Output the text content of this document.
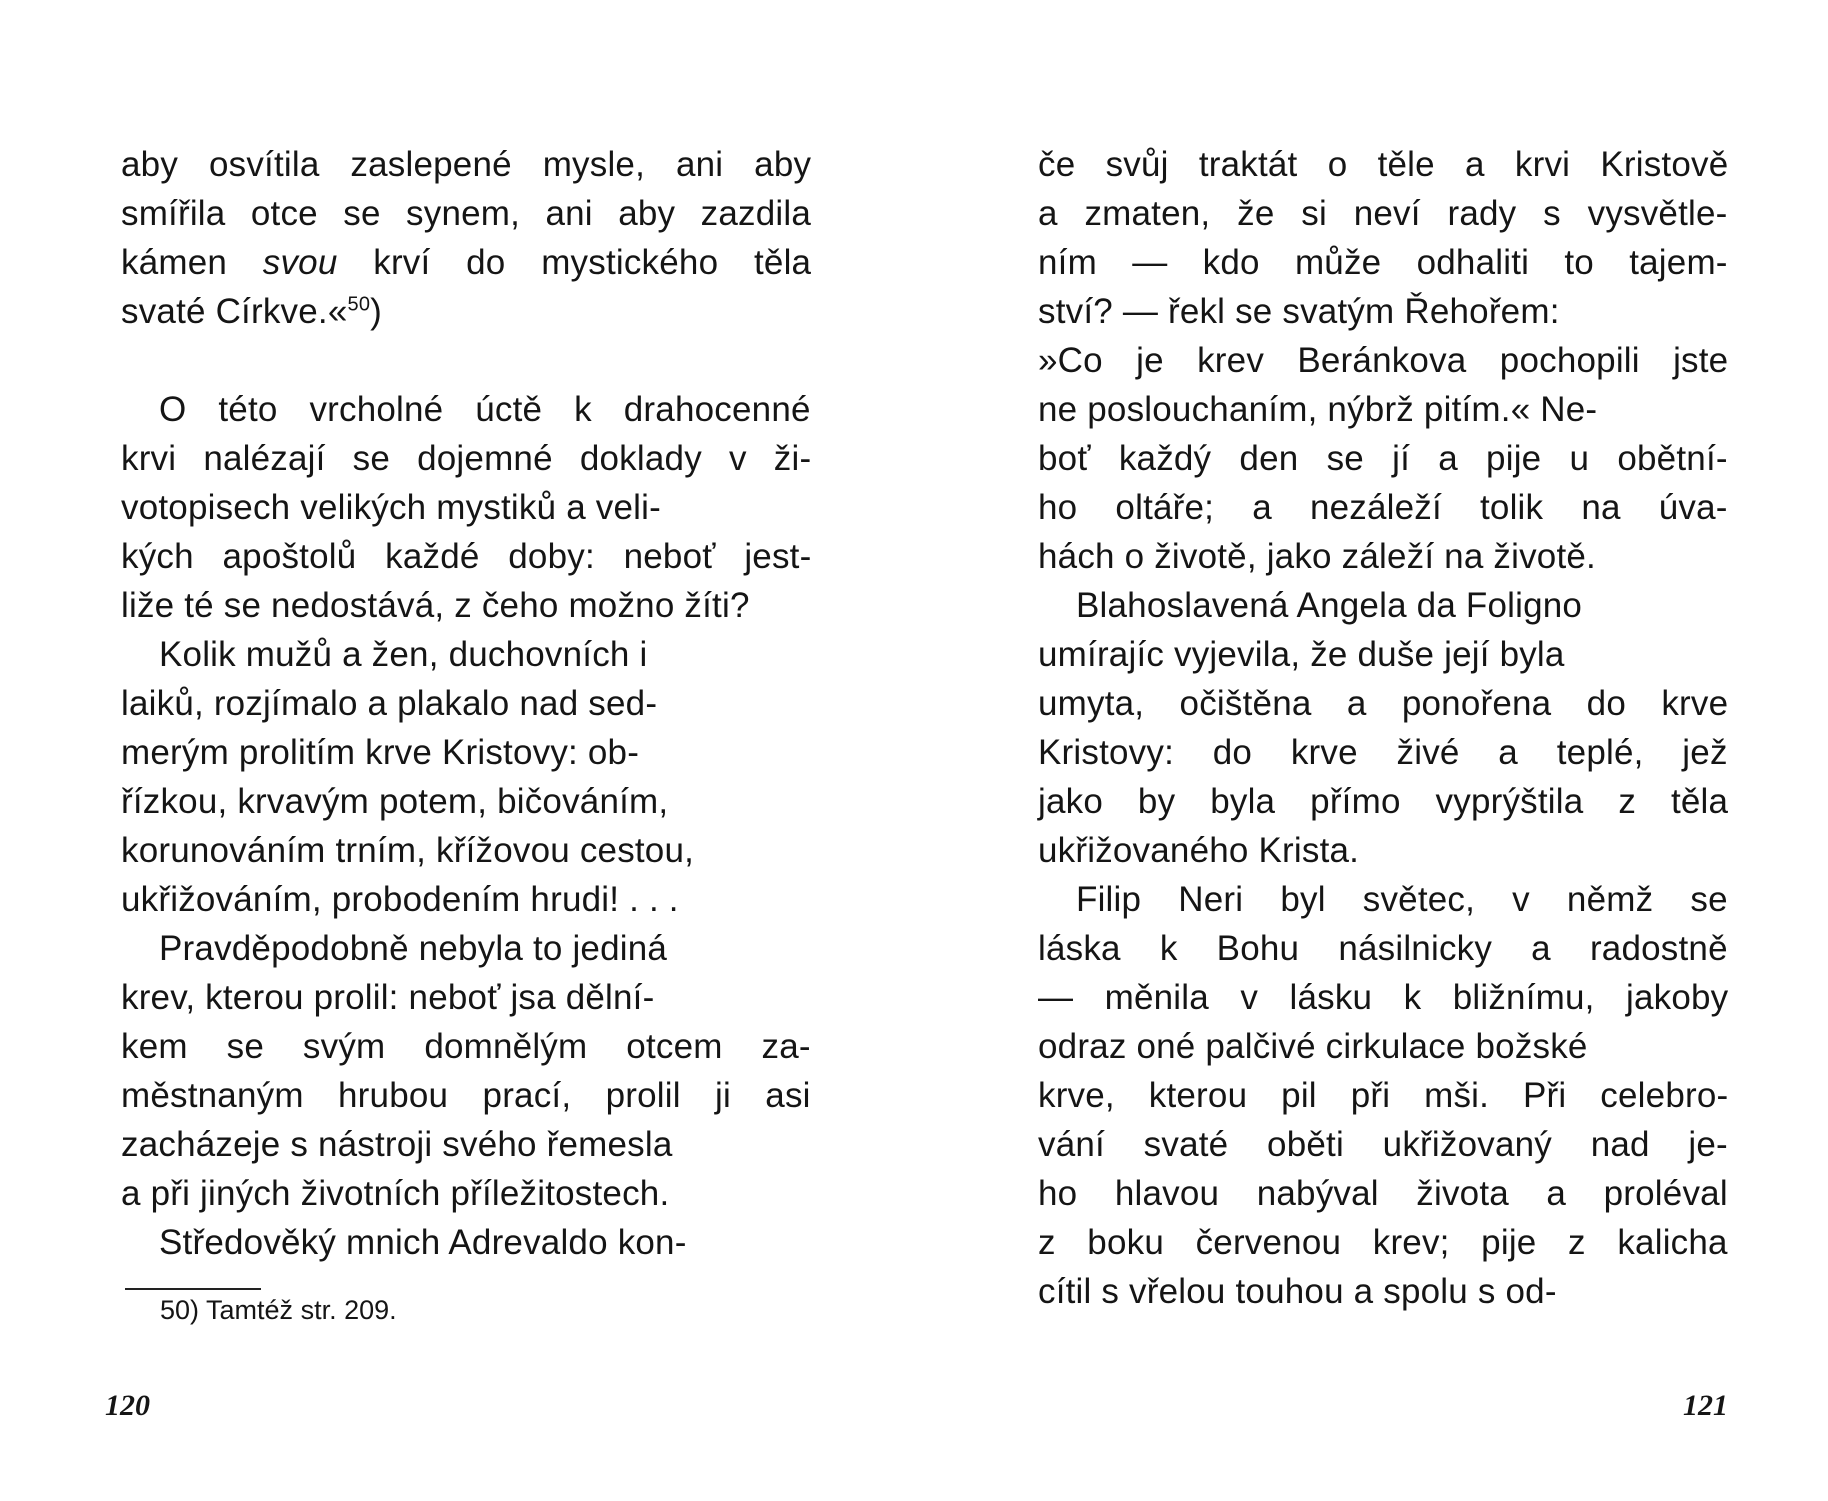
aby osvítila zaslepené mysle, ani aby
smířila otce se synem, ani aby zazdila
kámen svou krví do mystického těla
svaté Církve.«$^{50}$)
O této vrcholné úctě k drahocenné
krvi nalézají se dojemné doklady v ži-
votopisech velikých mystiků a veli-
kých apoštolů každé doby: neboť jest-
liže té se nedostává, z čeho možno žíti?
Kolik mužů a žen, duchovních i
laiků, rozjímalo a plakalo nad sed-
merým prolitím krve Kristovy: ob-
řízkou, krvavým potem, bičováním,
korunováním trním, křížovou cestou,
ukřižováním, probodením hrudi! . . .
Pravděpodobně nebyla to jediná
krev, kterou prolil: neboť jsa dělní-
kem se svým domnělým otcem za-
městnaným hrubou prací, prolil ji asi
zacházeje s nástroji svého řemesla
a při jiných životních příležitostech.
Středověký mnich Adrevaldo kon-
50) Tamtéž str. 209.
120
če svůj traktát o těle a krvi Kristově
a zmaten, že si neví rady s vysvětle-
ním — kdo může odhaliti to tajem-
ství? — řekl se svatým Řehořem:
»Co je krev Beránkova pochopili jste
ne poslouchaním, nýbrž pitím.« Ne-
boť každý den se jí a pije u obětní-
ho oltáře; a nezáleží tolik na úva-
hách o životě, jako záleží na životě.
Blahoslavená Angela da Foligno
umírajíc vyjevila, že duše její byla
umyta, očištěna a ponořena do krve
Kristovy: do krve živé a teplé, jež
jako by byla přímo vyprýštila z těla
ukřižovaného Krista.
Filip Neri byl světec, v němž se
láska k Bohu násilnicky a radostně
— měnila v lásku k bližnímu, jakoby
odraz oné palčivé cirkulace božské
krve, kterou pil při mši. Při celebro-
vání svaté oběti ukřižovaný nad je-
ho hlavou nabýval života a proléval
z boku červenou krev; pije z kalicha
cítil s vřelou touhou a spolu s od-
121
